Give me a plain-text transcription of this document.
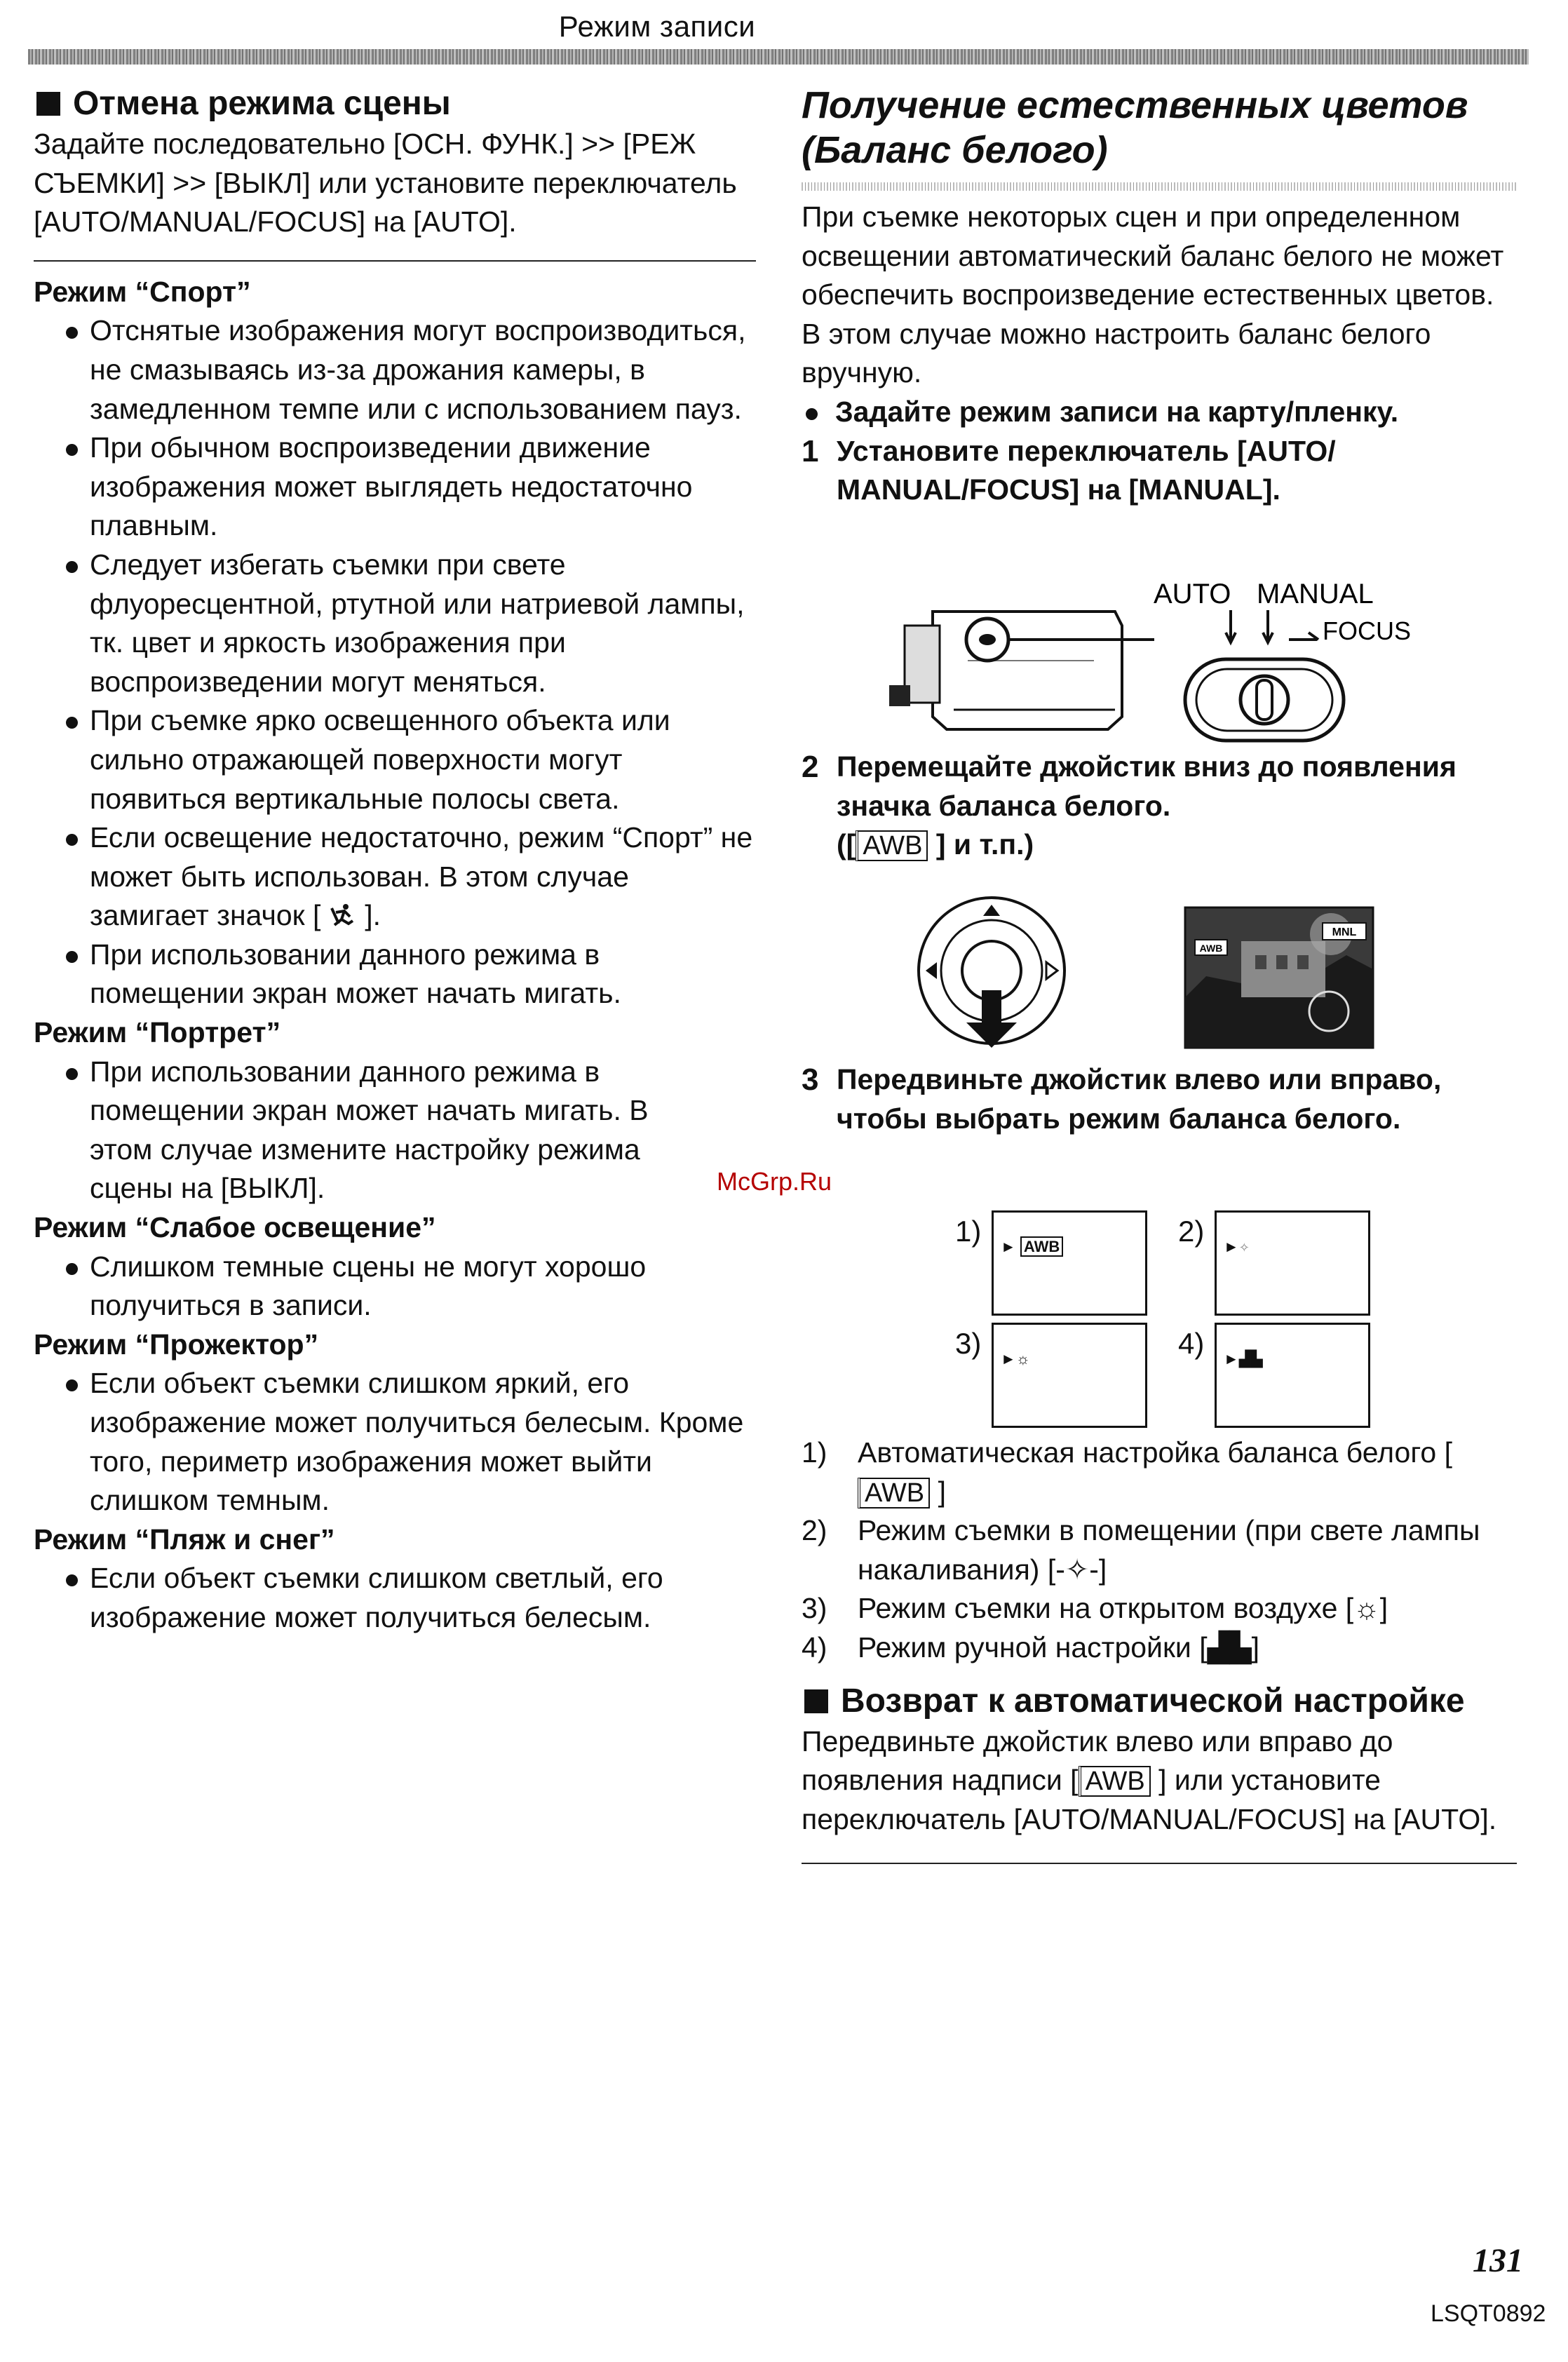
Режим записи
Отмена режима сцены

Задайте последовательно [ОСН. ФУНК.] >> [РЕЖ СЪЕМКИ] >> [ВЫКЛ] или установите переключатель [AUTO/MANUAL/FOCUS] на [AUTO].

Режим “Спорт”
Отснятые изображения могут воспроизводиться, не смазываясь из-за дрожания камеры, в замедленном темпе или с использованием пауз.
При обычном воспроизведении движение изображения может выглядеть недостаточно плавным.
Следует избегать съемки при свете флуоресцентной, ртутной или натриевой лампы, тк. цвет и яркость изображения при воспроизведении могут меняться.
При съемке ярко освещенного объекта или сильно отражающей поверхности могут появиться вертикальные полосы света.
Если освещение недостаточно, режим “Спорт” не может быть использован. В этом случае замигает значок [ ].
При использовании данного режима в помещении экран может начать мигать.
Режим “Портрет”
При использовании данного режима в помещении экран может начать мигать. В этом случае измените настройку режима сцены на [ВЫКЛ].
Режим “Слабое освещение”
Слишком темные сцены не могут хорошо получиться в записи.
Режим “Прожектор”
Если объект съемки слишком яркий, его изображение может получиться белесым. Кроме того, периметр изображения может выйти слишком темным.
Режим “Пляж и снег”
Если объект съемки слишком светлый, его изображение может получиться белесым.
Получение естественных цветов (Баланс белого)

При съемке некоторых сцен и при определенном освещении автоматический баланс белого не может обеспечить воспроизведение естественных цветов. В этом случае можно настроить баланс белого вручную.

Задайте режим записи на карту/пленку.
1 Установите переключатель [AUTO/ MANUAL/FOCUS] на [MANUAL].
AUTO MANUAL
FOCUS
2 Перемещайте джойстик вниз до появления значка баланса белого.
([ AWB ] и т.п.)
AWB
MNL
3 Передвиньте джойстик влево или вправо, чтобы выбрать режим баланса белого.
McGrp.Ru
1) ► AWB	2) ►✧
3) ►☼	4) ►▟▙
1)	Автоматическая настройка баланса белого [AWB ]
2)	Режим съемки в помещении (при свете лампы накаливания) [-✧-]
3)	Режим съемки на открытом воздухе [☼]
4)	Режим ручной настройки [▟▙]
Возврат к автоматической настройке

Передвиньте джойстик влево или вправо до появления надписи [ AWB ] или установите переключатель [AUTO/MANUAL/FOCUS] на [AUTO].

131
LSQT0892
